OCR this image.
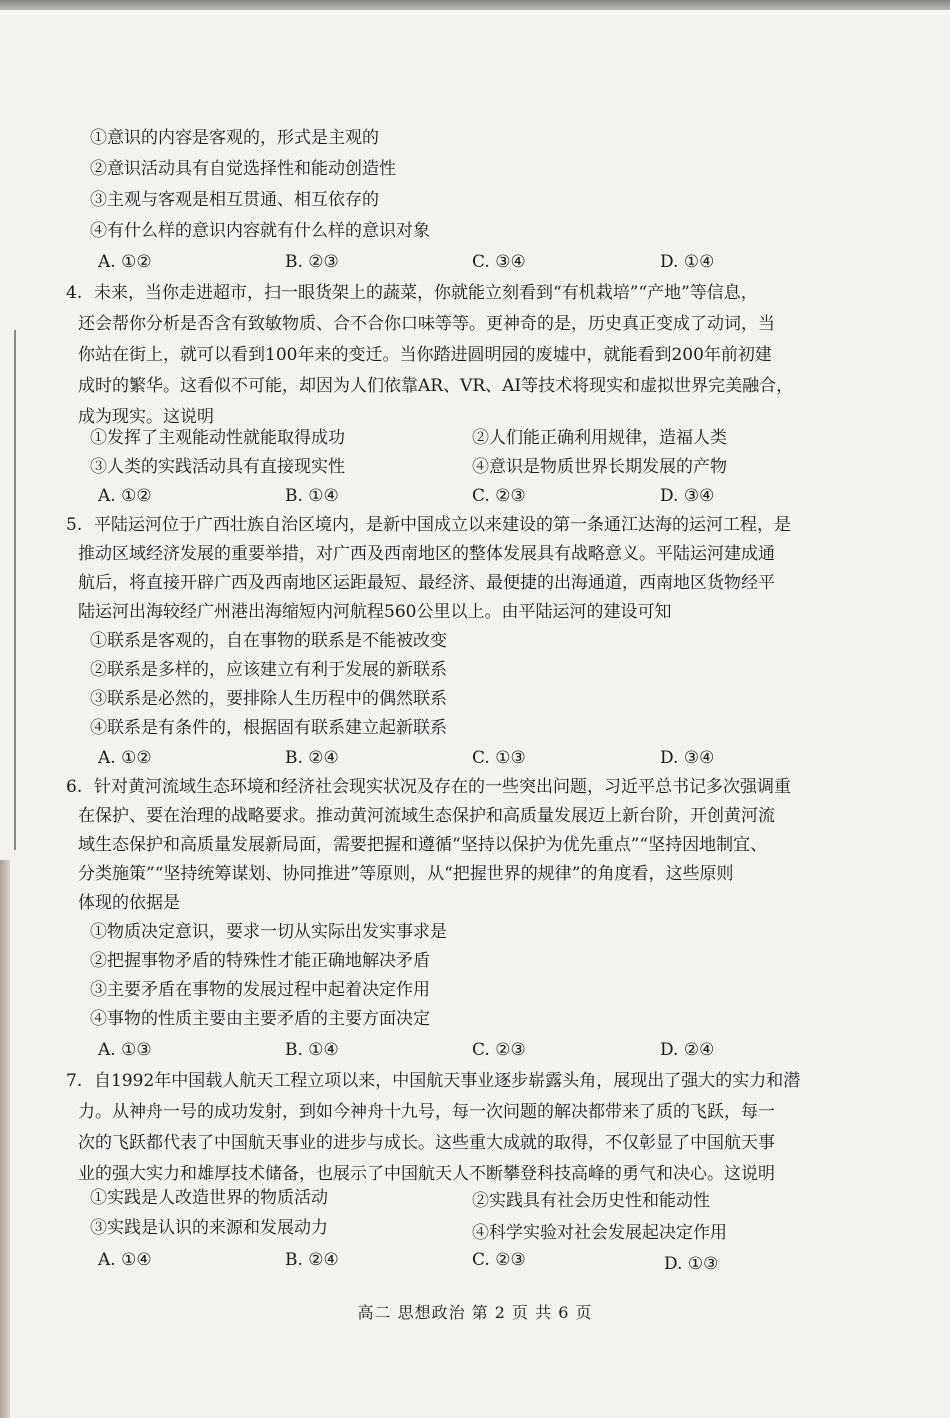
①意识的内容是客观的，形式是主观的
②意识活动具有自觉选择性和能动创造性
③主观与客观是相互贯通、相互依存的
④有什么样的意识内容就有什么样的意识对象
A. ①②	B. ②③	C. ③④	D. ①④
4. 未来，当你走进超市，扫一眼货架上的蔬菜，你就能立刻看到“有机栽培”“产地”等信息，
还会帮你分析是否含有致敏物质、合不合你口味等等。更神奇的是，历史真正变成了动词，当
你站在街上，就可以看到100年来的变迁。当你踏进圆明园的废墟中，就能看到200年前初建
成时的繁华。这看似不可能，却因为人们依靠AR、VR、AI等技术将现实和虚拟世界完美融合，
成为现实。这说明
①发挥了主观能动性就能取得成功	②人们能正确利用规律，造福人类
③人类的实践活动具有直接现实性	④意识是物质世界长期发展的产物
A. ①②	B. ①④	C. ②③	D. ③④
5. 平陆运河位于广西壮族自治区境内，是新中国成立以来建设的第一条通江达海的运河工程，是
推动区域经济发展的重要举措，对广西及西南地区的整体发展具有战略意义。平陆运河建成通
航后，将直接开辟广西及西南地区运距最短、最经济、最便捷的出海通道，西南地区货物经平
陆运河出海较经广州港出海缩短内河航程560公里以上。由平陆运河的建设可知
①联系是客观的，自在事物的联系是不能被改变
②联系是多样的，应该建立有利于发展的新联系
③联系是必然的，要排除人生历程中的偶然联系
④联系是有条件的，根据固有联系建立起新联系
A. ①②	B. ②④	C. ①③	D. ③④
6. 针对黄河流域生态环境和经济社会现实状况及存在的一些突出问题，习近平总书记多次强调重
在保护、要在治理的战略要求。推动黄河流域生态保护和高质量发展迈上新台阶，开创黄河流
域生态保护和高质量发展新局面，需要把握和遵循“坚持以保护为优先重点”“坚持因地制宜、
分类施策”“坚持统筹谋划、协同推进”等原则，从“把握世界的规律”的角度看，这些原则
体现的依据是
①物质决定意识，要求一切从实际出发实事求是
②把握事物矛盾的特殊性才能正确地解决矛盾
③主要矛盾在事物的发展过程中起着决定作用
④事物的性质主要由主要矛盾的主要方面决定
A. ①③	B. ①④	C. ②③	D. ②④
7. 自1992年中国载人航天工程立项以来，中国航天事业逐步崭露头角，展现出了强大的实力和潜
力。从神舟一号的成功发射，到如今神舟十九号，每一次问题的解决都带来了质的飞跃，每一
次的飞跃都代表了中国航天事业的进步与成长。这些重大成就的取得，不仅彰显了中国航天事
业的强大实力和雄厚技术储备，也展示了中国航天人不断攀登科技高峰的勇气和决心。这说明
①实践是人改造世界的物质活动	②实践具有社会历史性和能动性
③实践是认识的来源和发展动力	④科学实验对社会发展起决定作用
A. ①④	B. ②④	C. ②③	D. ①③
高二 思想政治 第 2 页 共 6 页
